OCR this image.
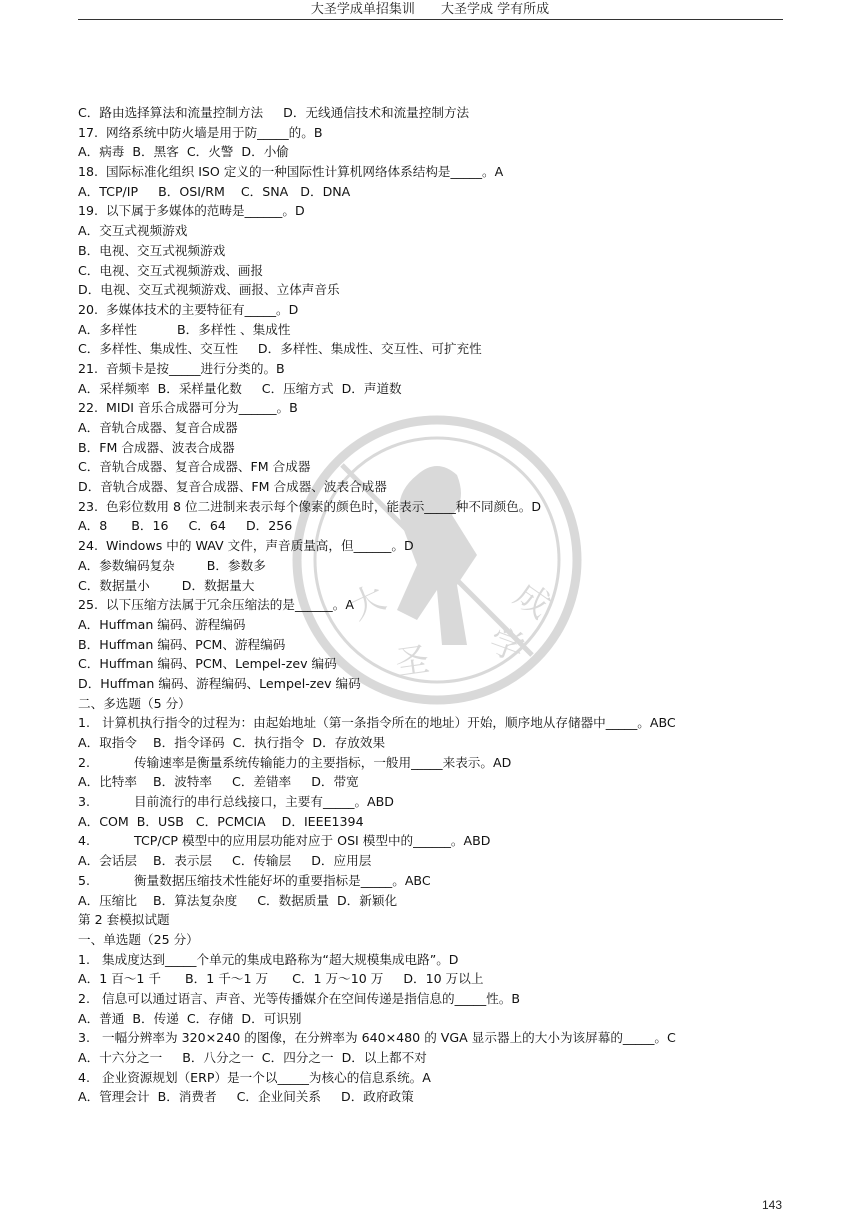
大圣学成单招集训 大圣学成 学有所成
大
圣 学
成
C．路由选择算法和流量控制方法     D．无线通信技术和流量控制方法
17.  网络系统中防火墙是用于防_____的。B
A．病毒  B．黑客  C．火警  D．小偷
18.  国际标准化组织 ISO 定义的一种国际性计算机网络体系结构是_____。A
A．TCP/IP     B．OSI/RM    C．SNA   D．DNA
19.  以下属于多媒体的范畴是______。D
A．交互式视频游戏
B．电视、交互式视频游戏
C．电视、交互式视频游戏、画报
D．电视、交互式视频游戏、画报、立体声音乐
20.  多媒体技术的主要特征有_____。D
A．多样性          B．多样性 、集成性
C．多样性、集成性、交互性     D．多样性、集成性、交互性、可扩充性
21.  音频卡是按_____进行分类的。B
A．采样频率  B．采样量化数     C．压缩方式  D．声道数
22.  MIDI 音乐合成器可分为______。B
A．音轨合成器、复音合成器
B．FM 合成器、波表合成器
C．音轨合成器、复音合成器、FM 合成器
D．音轨合成器、复音合成器、FM 合成器、波表合成器
23.  色彩位数用 8 位二进制来表示每个像素的颜色时，能表示_____种不同颜色。D
A．8      B．16     C．64     D．256
24.  Windows 中的 WAV 文件，声音质量高，但______。D
A．参数编码复杂        B．参数多
C．数据量小        D．数据量大
25.  以下压缩方法属于冗余压缩法的是______。A
A．Huffman 编码、游程编码
B．Huffman 编码、PCM、游程编码
C．Huffman 编码、PCM、Lempel-zev 编码
D．Huffman 编码、游程编码、Lempel-zev 编码
二、多选题（5 分）
1.   计算机执行指令的过程为：由起始地址（第一条指令所在的地址）开始，顺序地从存储器中_____。ABC
A．取指令    B．指令译码  C．执行指令  D．存放效果
2.           传输速率是衡量系统传输能力的主要指标，一般用_____来表示。AD
A．比特率    B．波特率     C．差错率     D．带宽
3.           目前流行的串行总线接口，主要有_____。ABD
A．COM  B．USB   C．PCMCIA    D．IEEE1394
4.           TCP/CP 模型中的应用层功能对应于 OSI 模型中的______。ABD
A．会话层    B．表示层     C．传输层     D．应用层
5.           衡量数据压缩技术性能好坏的重要指标是_____。ABC
A．压缩比    B．算法复杂度     C．数据质量  D．新颖化
第 2 套模拟试题
一、单选题（25 分）
1.   集成度达到_____个单元的集成电路称为“超大规模集成电路”。D
A．1 百～1 千      B．1 千～1 万      C．1 万～10 万     D．10 万以上
2.   信息可以通过语言、声音、光等传播媒介在空间传递是指信息的_____性。B
A．普通  B．传递  C．存储  D．可识别
3.   一幅分辨率为 320×240 的图像，在分辨率为 640×480 的 VGA 显示器上的大小为该屏幕的_____。C
A．十六分之一     B．八分之一  C．四分之一  D．以上都不对
4.   企业资源规划（ERP）是一个以_____为核心的信息系统。A
A．管理会计  B．消费者     C．企业间关系     D．政府政策
143
